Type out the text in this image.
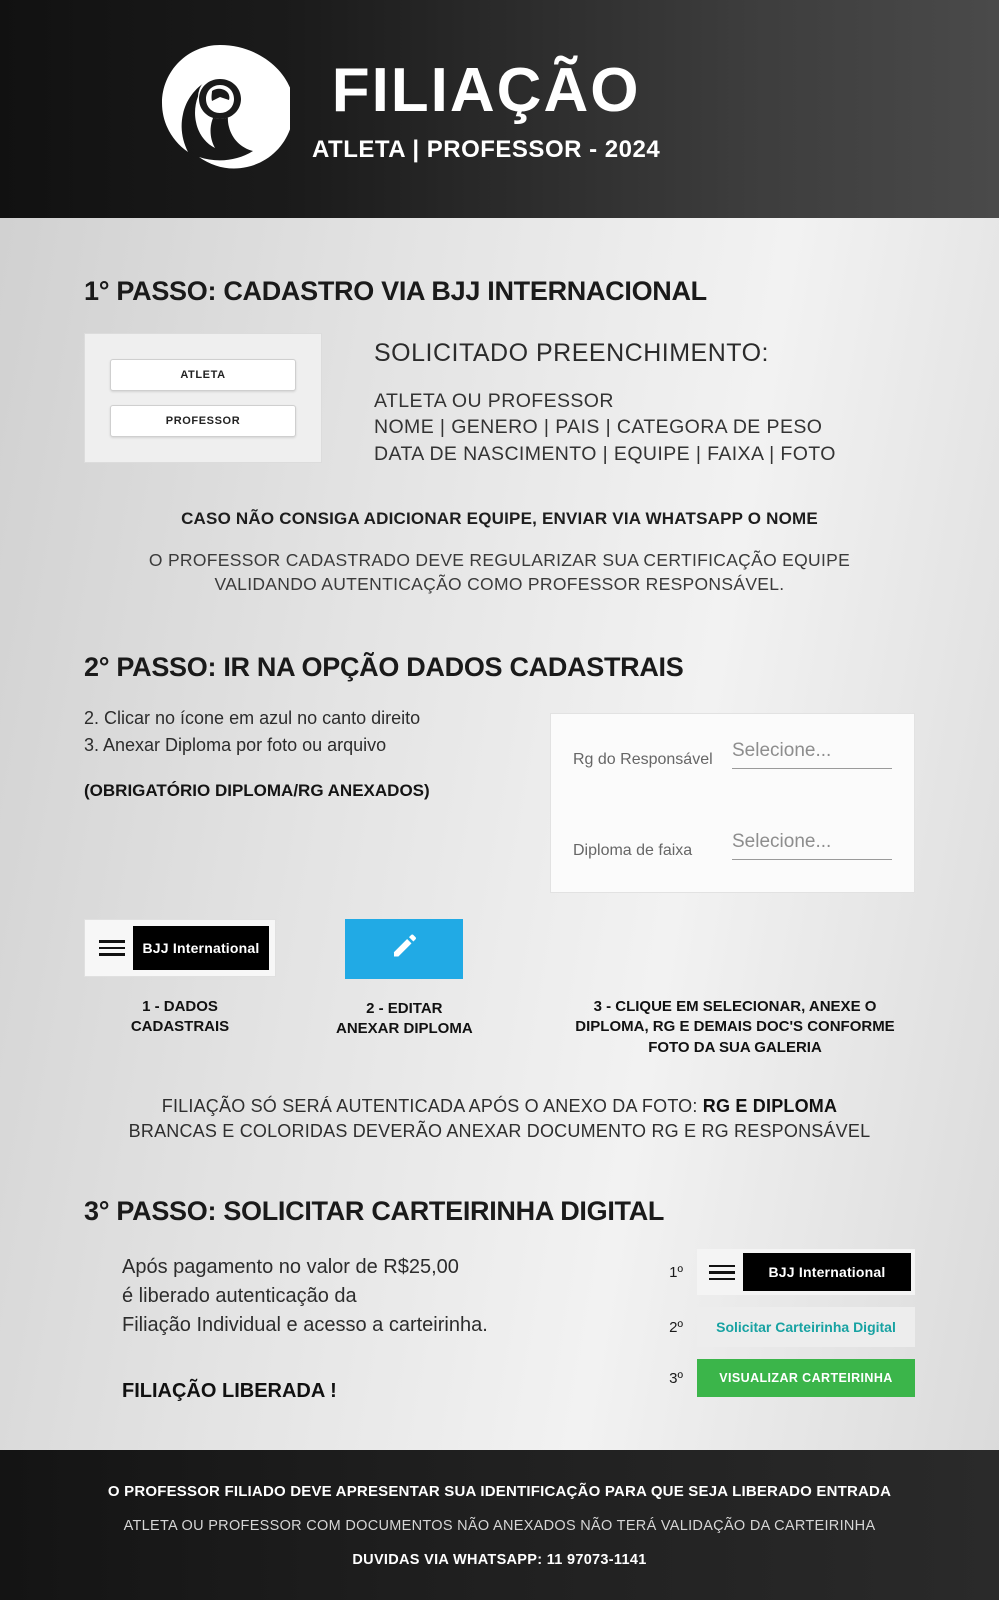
FILIAÇÃO
ATLETA | PROFESSOR - 2024
1° PASSO: CADASTRO VIA BJJ INTERNACIONAL
ATLETA
PROFESSOR
SOLICITADO PREENCHIMENTO:
ATLETA OU PROFESSOR
NOME | GENERO | PAIS | CATEGORA DE PESO
DATA DE NASCIMENTO | EQUIPE | FAIXA | FOTO
CASO NÃO CONSIGA ADICIONAR EQUIPE, ENVIAR VIA WHATSAPP O NOME
O PROFESSOR CADASTRADO DEVE REGULARIZAR SUA CERTIFICAÇÃO EQUIPE
VALIDANDO AUTENTICAÇÃO COMO PROFESSOR RESPONSÁVEL.
2° PASSO: IR NA OPÇÃO DADOS CADASTRAIS
2. Clicar no ícone em azul no canto direito
3. Anexar Diploma por foto ou arquivo
(OBRIGATÓRIO DIPLOMA/RG ANEXADOS)
Rg do Responsável Selecione...
Diploma de faixa Selecione...
BJJ International
1 - DADOS
CADASTRAIS
2 - EDITAR
ANEXAR DIPLOMA
3 - CLIQUE EM SELECIONAR, ANEXE O DIPLOMA, RG E DEMAIS DOC'S CONFORME FOTO DA SUA GALERIA
FILIAÇÃO SÓ SERÁ AUTENTICADA APÓS O ANEXO DA FOTO: RG E DIPLOMA
BRANCAS E COLORIDAS DEVERÃO ANEXAR DOCUMENTO RG E RG RESPONSÁVEL
3° PASSO: SOLICITAR CARTEIRINHA DIGITAL
Após pagamento no valor de R$25,00
é liberado autenticação da
Filiação Individual e acesso a carteirinha.
FILIAÇÃO LIBERADA !
1º	BJJ International
2º	Solicitar Carteirinha Digital
3º	VISUALIZAR CARTEIRINHA
O PROFESSOR FILIADO DEVE APRESENTAR SUA IDENTIFICAÇÃO PARA QUE SEJA LIBERADO ENTRADA
ATLETA OU PROFESSOR COM DOCUMENTOS NÃO ANEXADOS NÃO TERÁ VALIDAÇÃO DA CARTEIRINHA
DUVIDAS VIA WHATSAPP: 11 97073-1141
